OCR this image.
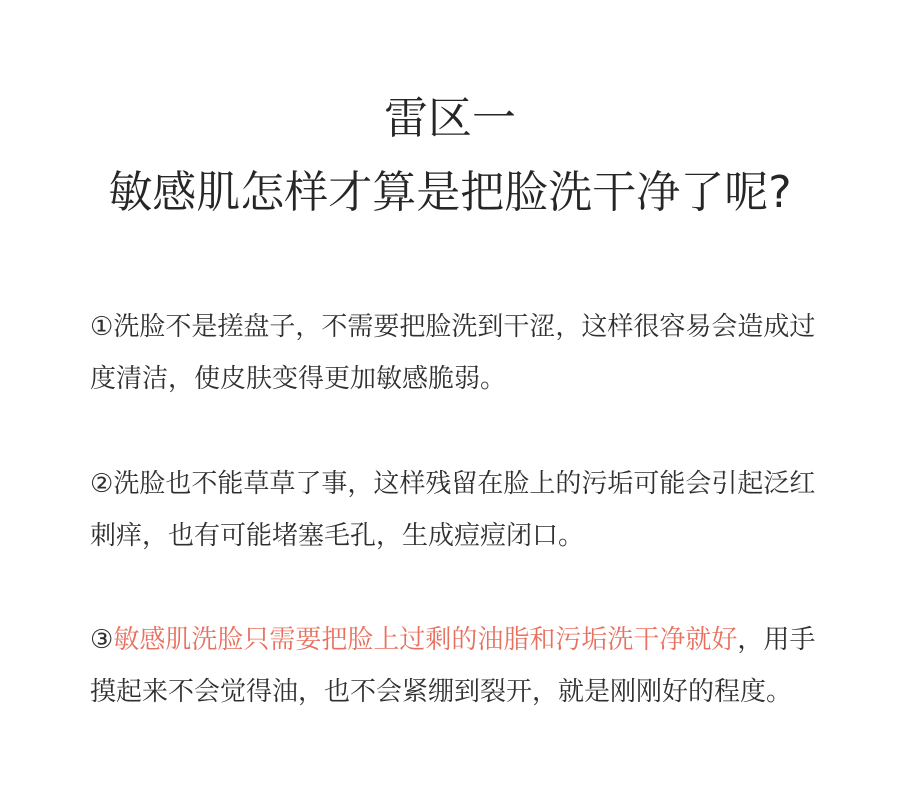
雷区一
敏感肌怎样才算是把脸洗干净了呢?

①洗脸不是搓盘子，不需要把脸洗到干涩，这样很容易会造成过度清洁，使皮肤变得更加敏感脆弱。

②洗脸也不能草草了事，这样残留在脸上的污垢可能会引起泛红刺痒，也有可能堵塞毛孔，生成痘痘闭口。

③敏感肌洗脸只需要把脸上过剩的油脂和污垢洗干净就好，用手摸起来不会觉得油，也不会紧绷到裂开，就是刚刚好的程度。
